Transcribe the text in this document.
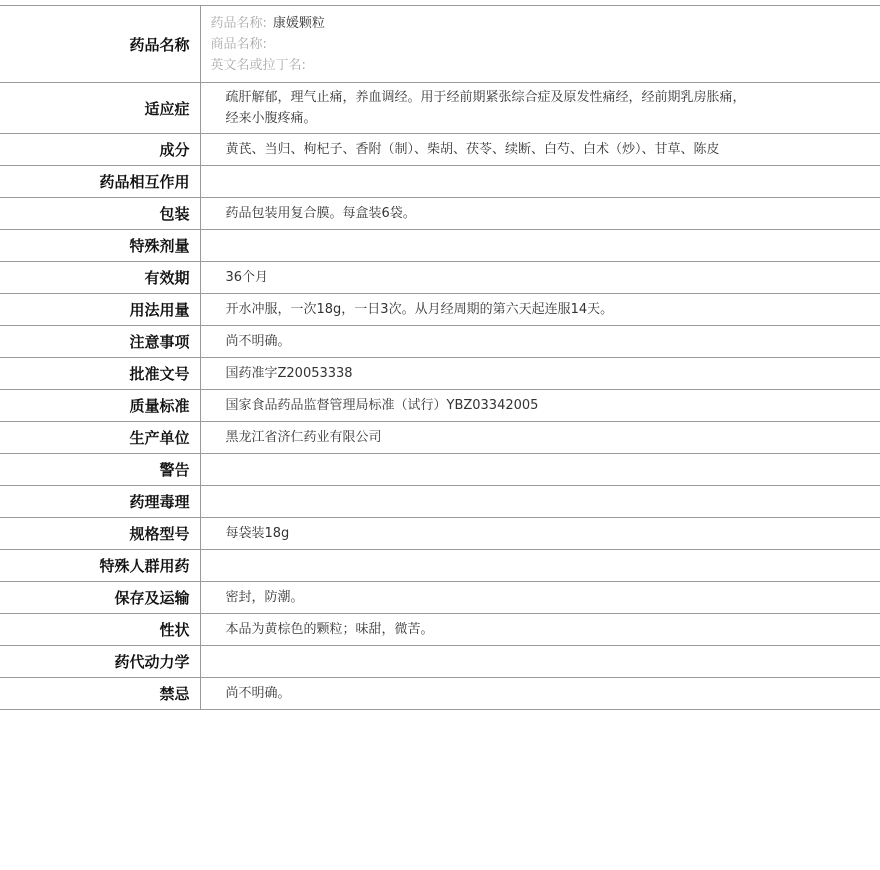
药品名称	药品名称: 康媛颗粒
商品名称:
英文名或拉丁名:

适应症	疏肝解郁，理气止痛，养血调经。用于经前期紧张综合症及原发性痛经，经前期乳房胀痛，
经来小腹疼痛。

成分	黄芪、当归、枸杞子、香附（制）、柴胡、茯苓、续断、白芍、白术（炒）、甘草、陈皮
药品相互作用	
包装	药品包装用复合膜。每盒装6袋。
特殊剂量	
有效期	36个月
用法用量	开水冲服，一次18g，一日3次。从月经周期的第六天起连服14天。
注意事项	尚不明确。
批准文号	国药准字Z20053338
质量标准	国家食品药品监督管理局标准（试行）YBZ03342005
生产单位	黑龙江省济仁药业有限公司
警告	
药理毒理	
规格型号	每袋装18g
特殊人群用药	
保存及运输	密封，防潮。
性状	本品为黄棕色的颗粒；味甜，微苦。
药代动力学	
禁忌	尚不明确。
